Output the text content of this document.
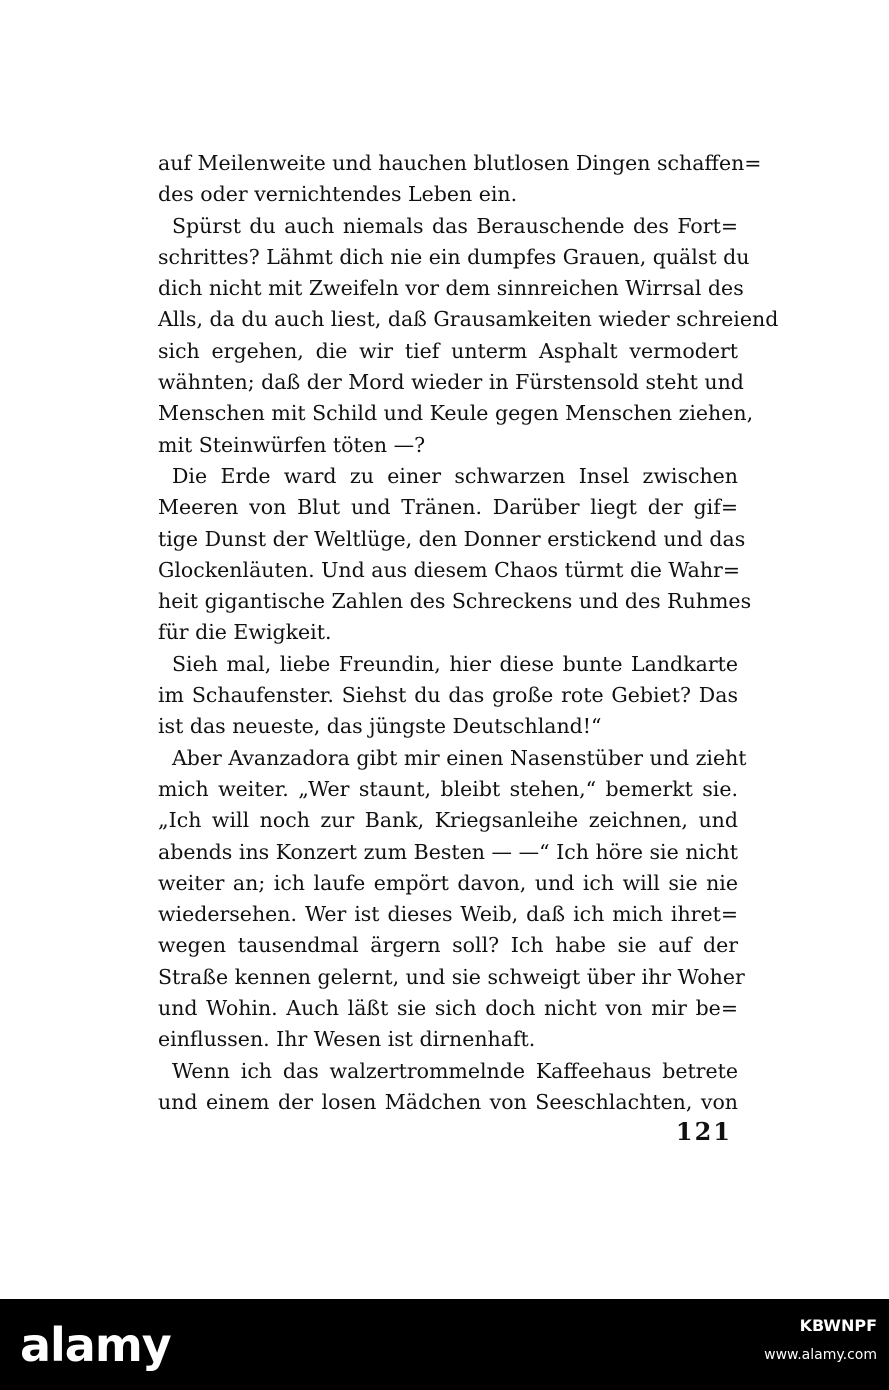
auf Meilenweite und hauchen blutlosen Dingen schaffen=
des oder vernichtendes Leben ein.
Spürst du auch niemals das Berauschende des Fort=
schrittes? Lähmt dich nie ein dumpfes Grauen, quälst du
dich nicht mit Zweifeln vor dem sinnreichen Wirrsal des
Alls, da du auch liest, daß Grausamkeiten wieder schreiend
sich ergehen, die wir tief unterm Asphalt vermodert
wähnten; daß der Mord wieder in Fürstensold steht und
Menschen mit Schild und Keule gegen Menschen ziehen,
mit Steinwürfen töten —?
Die Erde ward zu einer schwarzen Insel zwischen
Meeren von Blut und Tränen. Darüber liegt der gif=
tige Dunst der Weltlüge, den Donner erstickend und das
Glockenläuten. Und aus diesem Chaos türmt die Wahr=
heit gigantische Zahlen des Schreckens und des Ruhmes
für die Ewigkeit.
Sieh mal, liebe Freundin, hier diese bunte Landkarte
im Schaufenster. Siehst du das große rote Gebiet? Das
ist das neueste, das jüngste Deutschland!“
Aber Avanzadora gibt mir einen Nasenstüber und zieht
mich weiter. „Wer staunt, bleibt stehen,“ bemerkt sie.
„Ich will noch zur Bank, Kriegsanleihe zeichnen, und
abends ins Konzert zum Besten — —“ Ich höre sie nicht
weiter an; ich laufe empört davon, und ich will sie nie
wiedersehen. Wer ist dieses Weib, daß ich mich ihret=
wegen tausendmal ärgern soll? Ich habe sie auf der
Straße kennen gelernt, und sie schweigt über ihr Woher
und Wohin. Auch läßt sie sich doch nicht von mir be=
einflussen. Ihr Wesen ist dirnenhaft.
Wenn ich das walzertrommelnde Kaffeehaus betrete
und einem der losen Mädchen von Seeschlachten, von
121
alamy	KBWNPF
www.alamy.com
